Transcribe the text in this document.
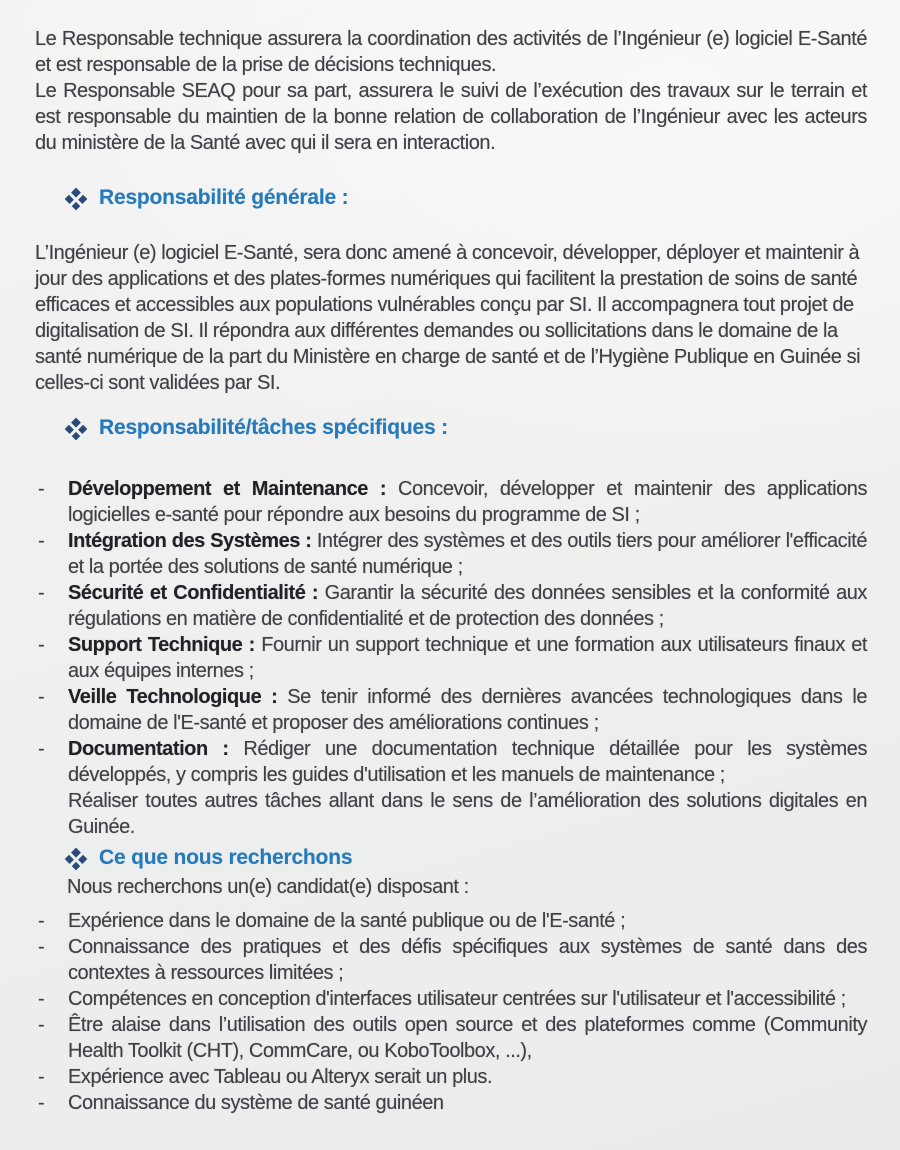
Le Responsable technique assurera la coordination des activités de l’Ingénieur (e) logiciel E-Santé et est responsable de la prise de décisions techniques.

Le Responsable SEAQ pour sa part, assurera le suivi de l’exécution des travaux sur le terrain et est responsable du maintien de la bonne relation de collaboration de l’Ingénieur avec les acteurs du ministère de la Santé avec qui il sera en interaction.

Responsabilité générale :

L’Ingénieur (e) logiciel E-Santé, sera donc amené à concevoir, développer, déployer et maintenir à jour des applications et des plates-formes numériques qui facilitent la prestation de soins de santé efficaces et accessibles aux populations vulnérables conçu par SI. Il accompagnera tout projet de digitalisation de SI. Il répondra aux différentes demandes ou sollicitations dans le domaine de la santé numérique de la part du Ministère en charge de santé et de l’Hygiène Publique en Guinée si celles-ci sont validées par SI.

Responsabilité/tâches spécifiques :
-	Développement et Maintenance : Concevoir, développer et maintenir des applications logicielles e-santé pour répondre aux besoins du programme de SI ;

-	Intégration des Systèmes : Intégrer des systèmes et des outils tiers pour améliorer l'efficacité et la portée des solutions de santé numérique ;

-	Sécurité et Confidentialité : Garantir la sécurité des données sensibles et la conformité aux régulations en matière de confidentialité et de protection des données ;

-	Support Technique : Fournir un support technique et une formation aux utilisateurs finaux et aux équipes internes ;

-	Veille Technologique : Se tenir informé des dernières avancées technologiques dans le domaine de l'E-santé et proposer des améliorations continues ;

-	Documentation : Rédiger une documentation technique détaillée pour les systèmes développés, y compris les guides d'utilisation et les manuels de maintenance ;

Réaliser toutes autres tâches allant dans le sens de l’amélioration des solutions digitales en Guinée.

Ce que nous recherchons

Nous recherchons un(e) candidat(e) disposant :

-	Expérience dans le domaine de la santé publique ou de l'E-santé ;

-	Connaissance des pratiques et des défis spécifiques aux systèmes de santé dans des contextes à ressources limitées ;

-	Compétences en conception d'interfaces utilisateur centrées sur l'utilisateur et l'accessibilité ;

-	Être alaise dans l’utilisation des outils open source et des plateformes comme (Community Health Toolkit (CHT), CommCare, ou KoboToolbox, ...),

-	Expérience avec Tableau ou Alteryx serait un plus.

-	Connaissance du système de santé guinéen
